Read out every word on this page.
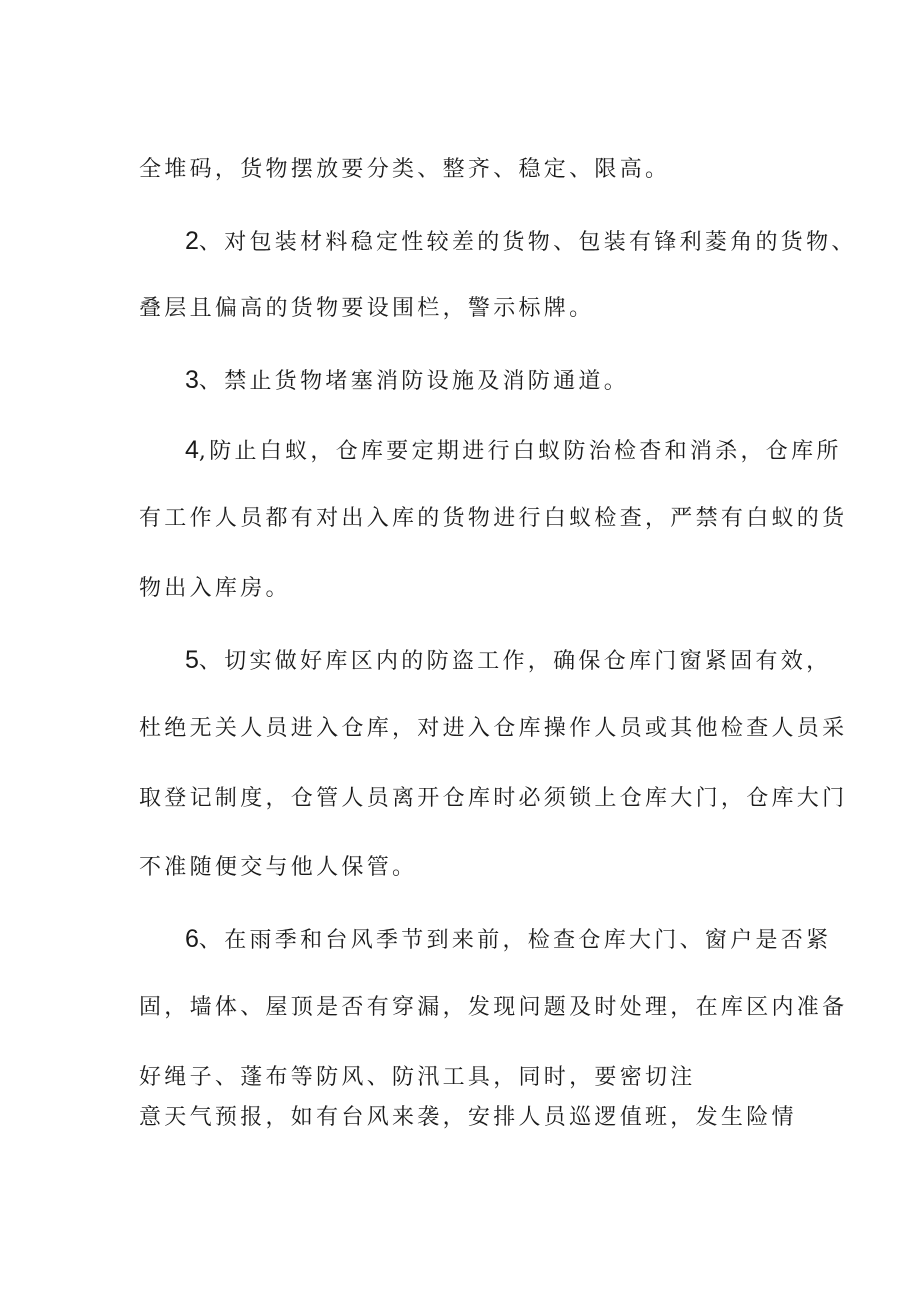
全堆码，货物摆放要分类、整齐、稳定、限高。
2、对包装材料稳定性较差的货物、包装有锋利菱角的货物、
叠层且偏高的货物要设围栏，警示标牌。
3、禁止货物堵塞消防设施及消防通道。
4,防止白蚁，仓库要定期进行白蚁防治检杳和消杀，仓库所
有工作人员都有对出入库的货物进行白蚁检查，严禁有白蚁的货
物出入库房。
5、切实做好库区内的防盗工作，确保仓库门窗紧固有效，
杜绝无关人员进入仓库，对进入仓库操作人员或其他检查人员采
取登记制度，仓管人员离开仓库时必须锁上仓库大门，仓库大门
不准随便交与他人保管。
6、在雨季和台风季节到来前，检查仓库大门、窗户是否紧
固，墙体、屋顶是否有穿漏，发现问题及时处理，在库区内准备
好绳子、蓬布等防风、防汛工具，同时，要密切注
意天气预报，如有台风来袭，安排人员巡逻值班，发生险情
